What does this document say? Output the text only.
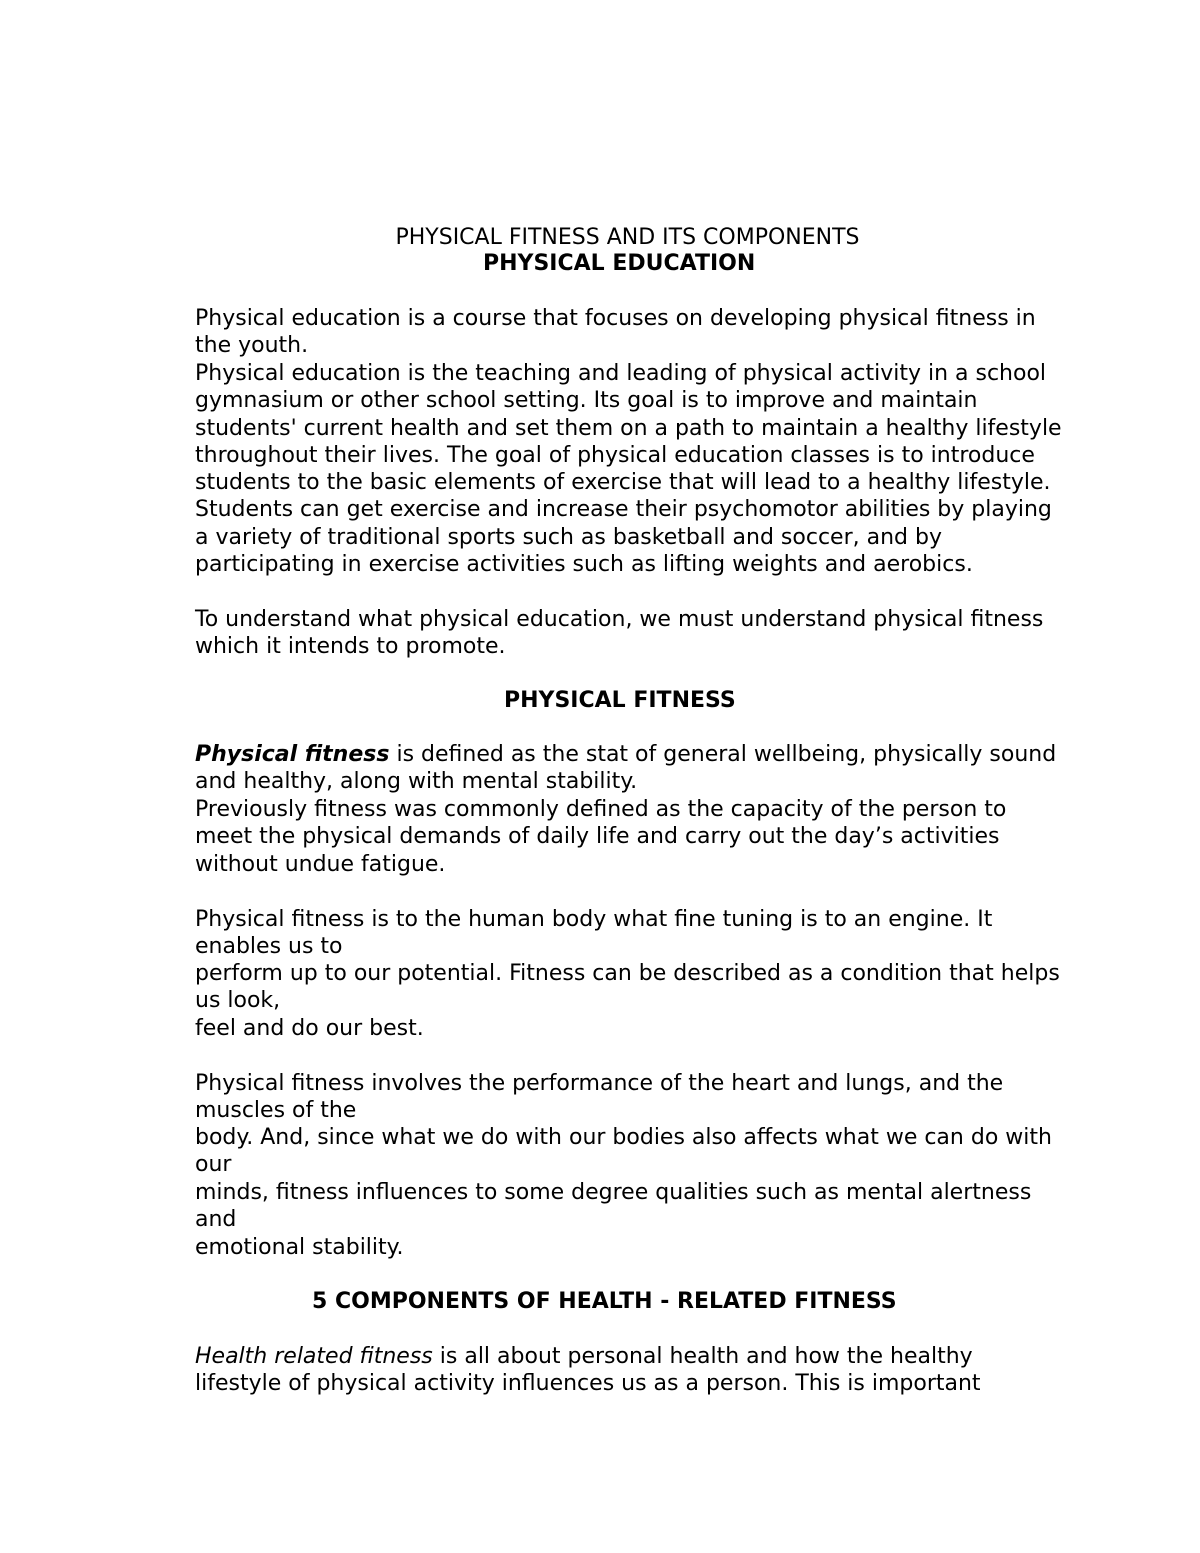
PHYSICAL FITNESS AND ITS COMPONENTS
PHYSICAL EDUCATION
Physical education is a course that focuses on developing physical fitness in the youth.
Physical education is the teaching and leading of physical activity in a school gymnasium or other school setting. Its goal is to improve and maintain students' current health and set them on a path to maintain a healthy lifestyle throughout their lives. The goal of physical education classes is to introduce students to the basic elements of exercise that will lead to a healthy lifestyle. Students can get exercise and increase their psychomotor abilities by playing a variety of traditional sports such as basketball and soccer, and by participating in exercise activities such as lifting weights and aerobics.
To understand what physical education, we must understand physical fitness which it intends to promote.
PHYSICAL FITNESS
Physical fitness is defined as the stat of general wellbeing, physically sound and healthy, along with mental stability.
Previously fitness was commonly defined as the capacity of the person to meet the physical demands of daily life and carry out the day’s activities without undue fatigue.
Physical fitness is to the human body what fine tuning is to an engine. It enables us to
perform up to our potential. Fitness can be described as a condition that helps us look,
feel and do our best.
Physical fitness involves the performance of the heart and lungs, and the muscles of the
body. And, since what we do with our bodies also affects what we can do with our
minds, fitness influences to some degree qualities such as mental alertness and
emotional stability.
5 COMPONENTS OF HEALTH - RELATED FITNESS
Health related fitness is all about personal health and how the healthy lifestyle of physical activity influences us as a person. This is important
